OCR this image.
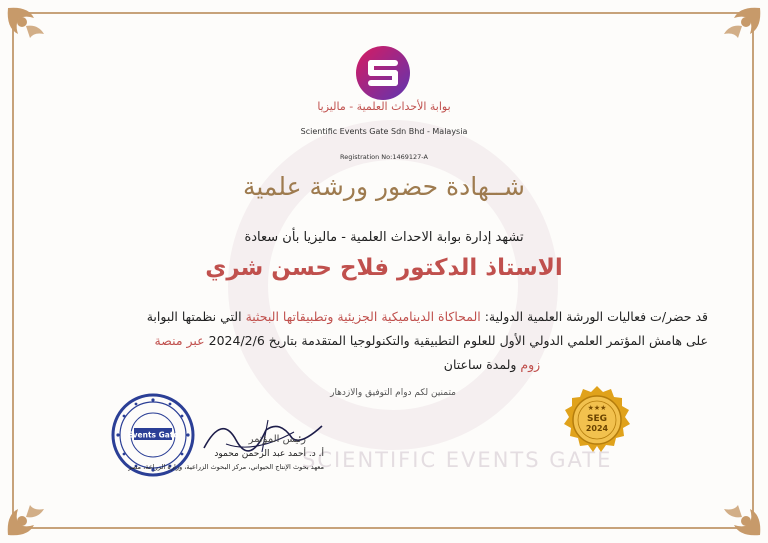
SCIENTIFIC EVENTS GATE
بوابة الأحداث العلمية - ماليزيا
Scientific Events Gate Sdn Bhd - Malaysia
Registration No:1469127-A
شــهادة حضور ورشة علمية
تشهد إدارة بوابة الاحداث العلمية - ماليزيا بأن سعادة
الاستاذ الدكتور فلاح حسن شري
قد حضر/ت فعاليات الورشة العلمية الدولية: المحاكاة الديناميكية الجزيئية وتطبيقاتها البحثية التي نظمتها البوابة
على هامش المؤتمر العلمي الدولي الأول للعلوم التطبيقية والتكنولوجيا المتقدمة بتاريخ 2024/2/6 عبر منصة
زوم ولمدة ساعتان
متمنين لكم دوام التوفيق والازدهار
Events Gate	رئيس المؤتمر
أ. د. أحمد عبد الرحمن محمود
معهد بحوث الإنتاج الحيواني، مركز البحوث الزراعية، وزارة الزراعة، مصر
★★★
SEG
2024
